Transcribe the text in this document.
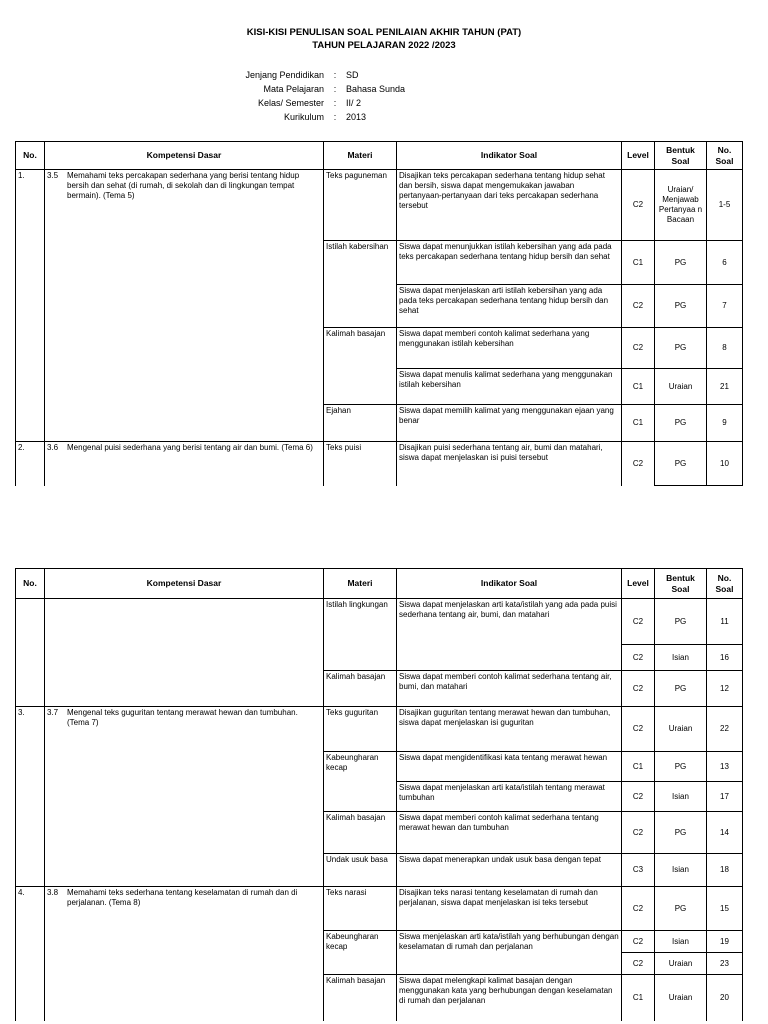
KISI-KISI PENULISAN SOAL PENILAIAN AKHIR TAHUN (PAT)
TAHUN PELAJARAN 2022 /2023
Jenjang Pendidikan	:	SD
Mata Pelajaran	:	Bahasa Sunda
Kelas/ Semester	:	II/ 2
Kurikulum	:	2013
No.	Kompetensi Dasar	Materi	Indikator Soal	Level	Bentuk Soal	No. Soal
1.	3.5 Memahami teks percakapan sederhana yang berisi tentang hidup bersih dan sehat (di rumah, di sekolah dan di lingkungan tempat bermain). (Tema 5)	Teks paguneman	Disajikan teks percakapan sederhana tentang hidup sehat dan bersih, siswa dapat mengemukakan jawaban pertanyaan-pertanyaan dari teks percakapan sederhana tersebut	C2	Uraian/ Menjawab Pertanyaa n Bacaan	1-5
		Istilah kabersihan	Siswa dapat menunjukkan istilah kebersihan yang ada pada teks percakapan sederhana tentang hidup bersih dan sehat	C1	PG	6
			Siswa dapat menjelaskan arti istilah kebersihan yang ada pada teks percakapan sederhana tentang hidup bersih dan sehat	C2	PG	7
		Kalimah basajan	Siswa dapat memberi contoh kalimat sederhana yang menggunakan istilah kebersihan	C2	PG	8
			Siswa dapat menulis kalimat sederhana yang menggunakan istilah kebersihan	C1	Uraian	21
		Ejahan	Siswa dapat memilih kalimat yang menggunakan ejaan yang benar	C1	PG	9
2.	3.6 Mengenal puisi sederhana yang berisi tentang air dan bumi. (Tema 6)	Teks puisi	Disajikan puisi sederhana tentang air, bumi dan matahari, siswa dapat menjelaskan isi puisi tersebut	C2	PG	10
No.	Kompetensi Dasar	Materi	Indikator Soal	Level	Bentuk Soal	No. Soal
		Istilah lingkungan	Siswa dapat menjelaskan arti kata/istilah yang ada pada puisi sederhana tentang air, bumi, dan matahari	C2	PG	11
				C2	Isian	16
		Kalimah basajan	Siswa dapat memberi contoh kalimat sederhana tentang air, bumi, dan matahari	C2	PG	12
3.	3.7 Mengenal teks guguritan tentang merawat hewan dan tumbuhan. (Tema 7)	Teks guguritan	Disajikan guguritan tentang merawat hewan dan tumbuhan, siswa dapat menjelaskan isi guguritan	C2	Uraian	22
		Kabeungharan kecap	Siswa dapat mengidentifikasi kata tentang merawat hewan	C1	PG	13
			Siswa dapat menjelaskan arti kata/istilah tentang merawat tumbuhan	C2	Isian	17
		Kalimah basajan	Siswa dapat memberi contoh kalimat sederhana tentang merawat hewan dan tumbuhan	C2	PG	14
		Undak usuk basa	Siswa dapat menerapkan undak usuk basa dengan tepat	C3	Isian	18
4.	3.8 Memahami teks sederhana tentang keselamatan di rumah dan di perjalanan. (Tema 8)	Teks narasi	Disajikan teks narasi tentang keselamatan di rumah dan perjalanan, siswa dapat menjelaskan isi teks tersebut	C2	PG	15
		Kabeungharan kecap	Siswa menjelaskan arti kata/istilah yang berhubungan dengan keselamatan di rumah dan perjalanan	C2	Isian	19
				C2	Uraian	23
		Kalimah basajan	Siswa dapat melengkapi kalimat basajan dengan menggunakan kata yang berhubungan dengan keselamatan di rumah dan perjalanan	C1	Uraian	20
